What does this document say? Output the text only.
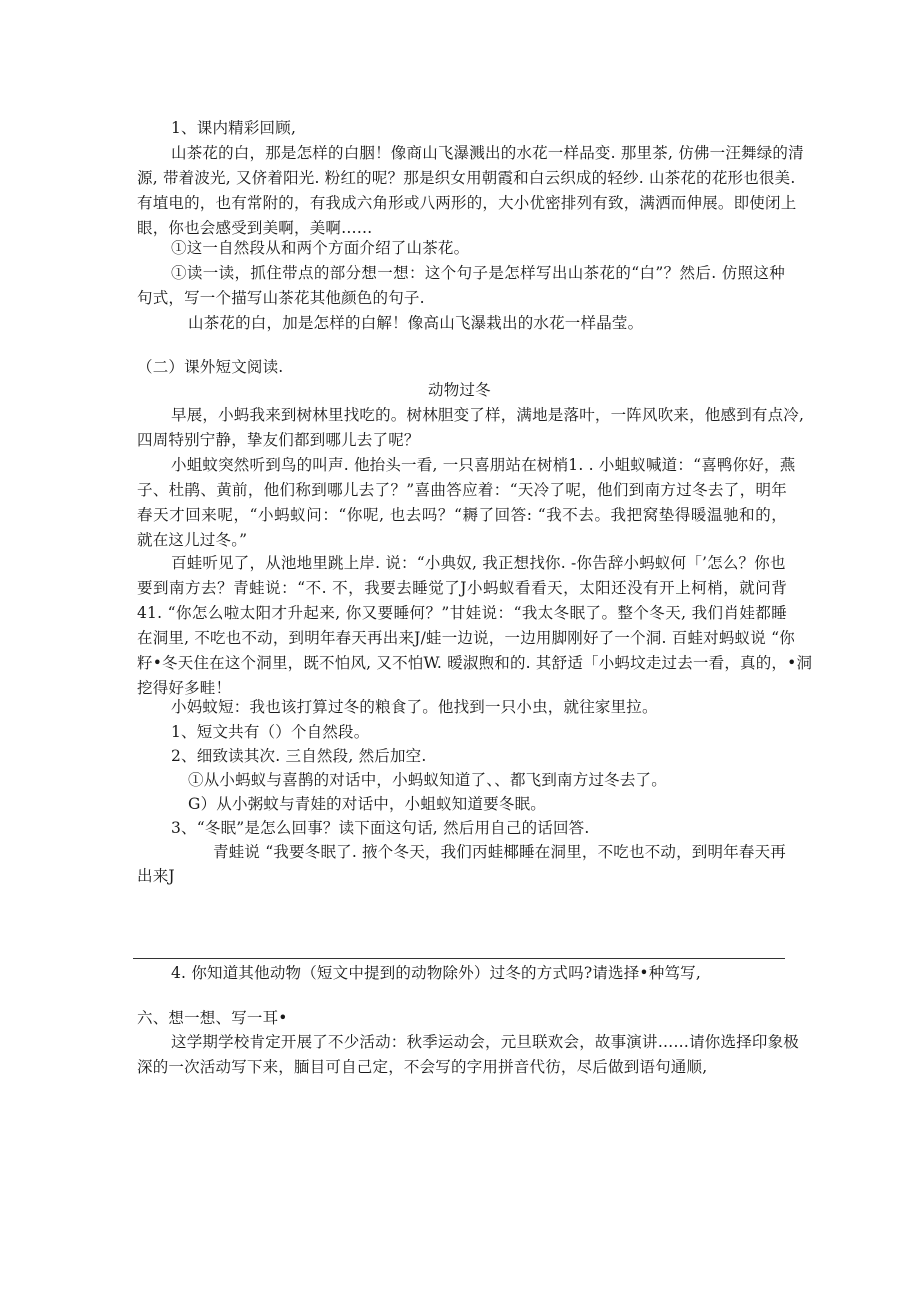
1、课内精彩回顾,
山茶花的白，那是怎样的白胭！像商山飞瀑溅出的水花一样品变. 那里茶, 仿佛一汪舞绿的清
源, 带着波光, 又侪着阳光. 粉红的呢？那是织女用朝霞和白云织成的轻纱. 山茶花的花形也很美.
有埴电的，也有常附的，有我成六角形或八两形的，大小优密排列有致，满洒而伸展。即使闭上
眼，你也会感受到美啊，美啊……
①这一自然段从和两个方面介绍了山茶花。
①读一读，抓住带点的部分想一想：这个句子是怎样写出山茶花的“白”？然后. 仿照这种
句式，写一个描写山茶花其他颜色的句子.
山茶花的白，加是怎样的白解！像高山飞瀑栽出的水花一样晶莹。
（二）课外短文阅读.
动物过冬
早展，小蚂我来到树林里找吃的。树林胆变了样，满地是落叶，一阵风吹来，他感到有点冷,
四周特别宁静，挚友们都到哪儿去了呢？
小蛆蚊突然听到鸟的叫声. 他抬头一看, 一只喜朋站在树梢1. . 小蛆蚁喊道：“喜鸭你好，燕
子、杜鹃、黄前，他们称到哪儿去了？”喜曲答应着：“天冷了呢，他们到南方过冬去了，明年
春天才回来呢，“小蚂蚁问：“你呢, 也去吗？“耨了回答: “我不去。我把窝垫得暖温驰和的，
就在这儿过冬。”
百蛙听见了，从池地里跳上岸. 说：“小典奴, 我正想找你. -你告辞小蚂蚁何「’怎么？你也
要到南方去？青蛙说：“不. 不，我要去睡觉了J小蚂蚁看看天，太阳还没有开上柯梢，就问背
41. “你怎么啦太阳才升起来, 你又要睡何？”甘娃说：“我太冬眠了。整个冬天, 我们肖娃都睡
在洞里, 不吃也不动，到明年春天再出来J/蛙一边说，一边用脚刚好了一个洞. 百蛙对蚂蚁说 “你
籽•冬天住在这个洞里，既不怕风, 又不怕W. 暧淑煦和的. 其舒适「小蚂坟走过去一看，真的，•洞
挖得好多畦！
小妈蚊短：我也该打算过冬的粮食了。他找到一只小虫，就往家里拉。
1、短文共有（）个自然段。
2、细致读其次. 三自然段, 然后加空.
①从小蚂蚁与喜鹊的对话中，小蚂蚁知道了、、都飞到南方过冬去了。
G）从小粥蚊与青娃的对话中，小蛆蚁知道要冬眠。
3、“冬眠”是怎么回事？读下面这句话, 然后用自己的话回答.
青蛙说 “我要冬眠了. 掖个冬天，我们丙蛙椰睡在洞里，不吃也不动，到明年春天再
出来J
4. 你知道其他动物（短文中提到的动物除外）过冬的方式吗?请选择•种笃写,
六、想一想、写一耳•
这学期学校肯定开展了不少活动：秋季运动会，元旦联欢会，故事演讲……请你选择印象极
深的一次活动写下来，腼目可自己定，不会写的字用拼音代彷，尽后做到语句通顺,
